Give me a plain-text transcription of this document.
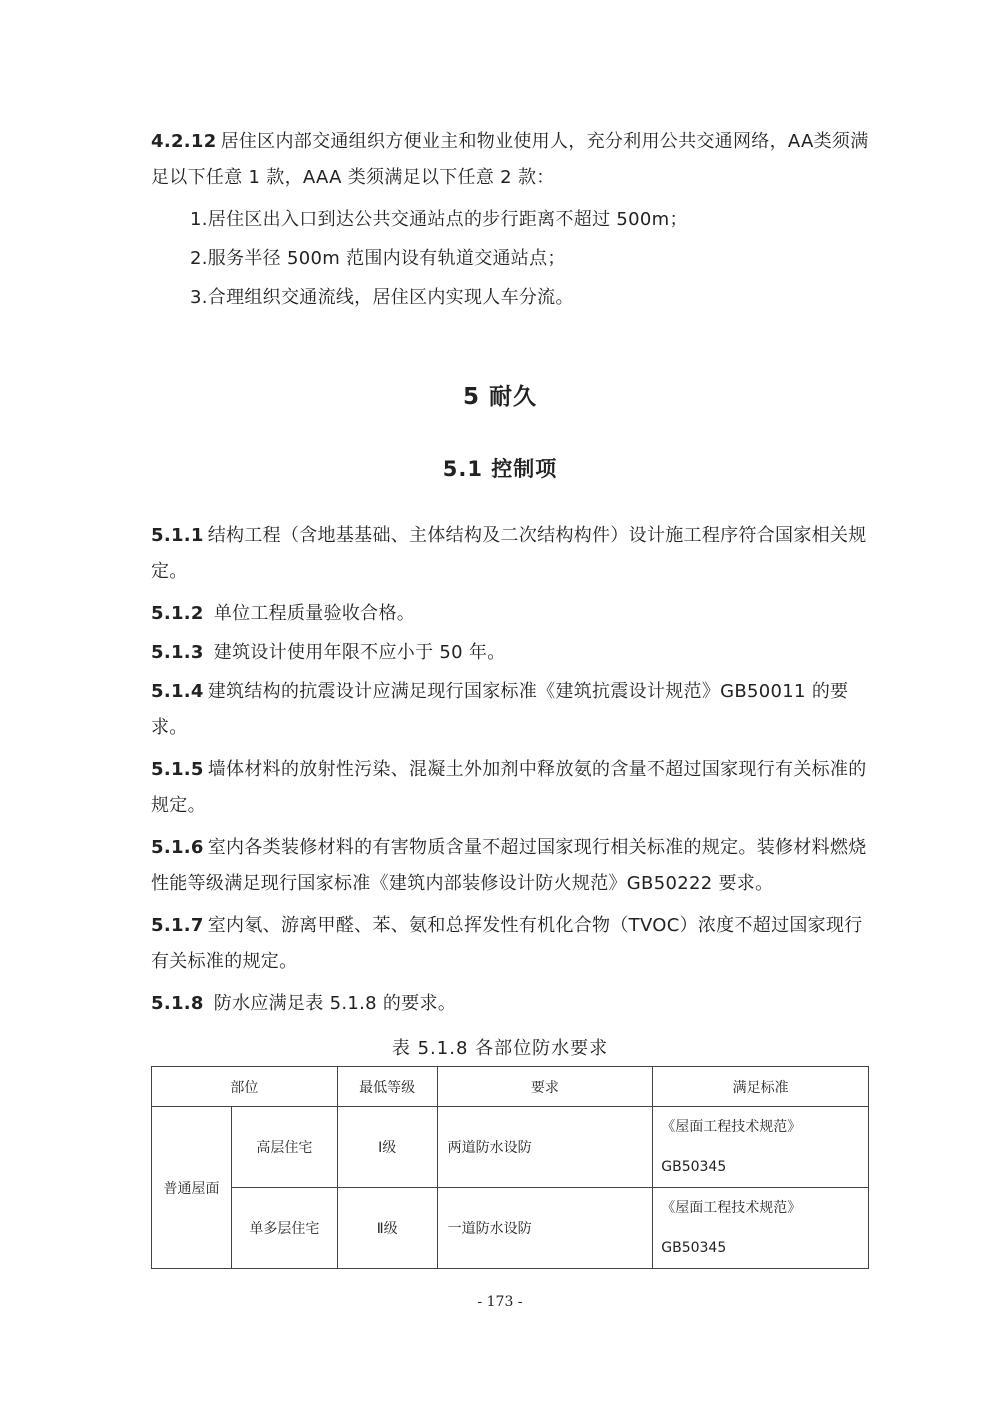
4.2.12 居住区内部交通组织方便业主和物业使用人，充分利用公共交通网络，AA类须满足以下任意 1 款，AAA 类须满足以下任意 2 款：
1.居住区出入口到达公共交通站点的步行距离不超过 500m；
2.服务半径 500m 范围内设有轨道交通站点；
3.合理组织交通流线，居住区内实现人车分流。
5 耐久
5.1 控制项
5.1.1 结构工程（含地基基础、主体结构及二次结构构件）设计施工程序符合国家相关规定。
5.1.2 单位工程质量验收合格。
5.1.3 建筑设计使用年限不应小于 50 年。
5.1.4 建筑结构的抗震设计应满足现行国家标准《建筑抗震设计规范》GB50011 的要求。
5.1.5 墙体材料的放射性污染、混凝土外加剂中释放氨的含量不超过国家现行有关标准的规定。
5.1.6 室内各类装修材料的有害物质含量不超过国家现行相关标准的规定。装修材料燃烧性能等级满足现行国家标准《建筑内部装修设计防火规范》GB50222 要求。
5.1.7 室内氡、游离甲醛、苯、氨和总挥发性有机化合物（TVOC）浓度不超过国家现行有关标准的规定。
5.1.8 防水应满足表 5.1.8 的要求。
表 5.1.8 各部位防水要求
部位		最低等级	要求	满足标准
普通屋面	高层住宅	Ⅰ级	两道防水设防	《屋面工程技术规范》
GB50345
	单多层住宅	Ⅱ级	一道防水设防	《屋面工程技术规范》
GB50345
- 173 -
